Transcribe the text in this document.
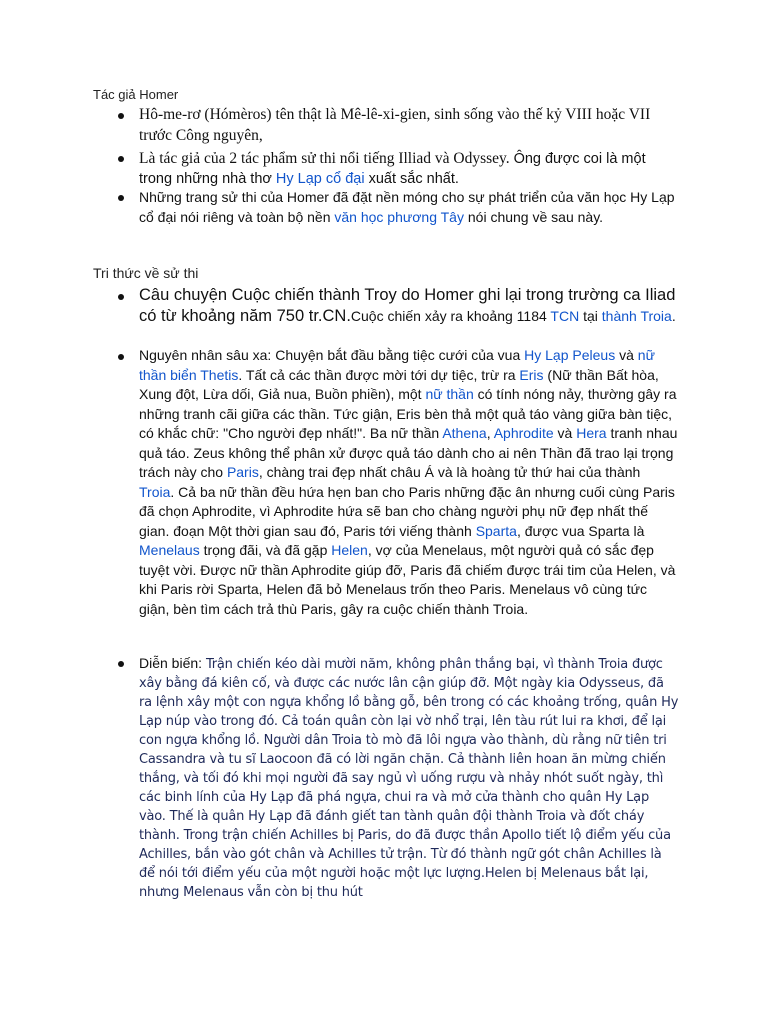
Tác giả Homer
Hô-me-rơ (Hómèros) tên thật là Mê-lê-xi-gien, sinh sống vào thế kỷ VIII hoặc VII trước Công nguyên,
Là tác giả của 2 tác phẩm sử thi nổi tiếng Illiad và Odyssey. Ông được coi là một trong những nhà thơ Hy Lạp cổ đại xuất sắc nhất.
Những trang sử thi của Homer đã đặt nền móng cho sự phát triển của văn học Hy Lạp cổ đại nói riêng và toàn bộ nền văn học phương Tây nói chung về sau này.
Tri thức về sử thi
Câu chuyện Cuộc chiến thành Troy do Homer ghi lại trong trường ca Iliad có từ khoảng năm 750 tr.CN.Cuộc chiến xảy ra khoảng 1184 TCN tại thành Troia.
Nguyên nhân sâu xa: Chuyện bắt đầu bằng tiệc cưới của vua Hy Lạp Peleus và nữ thần biển Thetis. Tất cả các thần được mời tới dự tiệc, trừ ra Eris (Nữ thần Bất hòa, Xung đột, Lừa dối, Giả nua, Buồn phiền), một nữ thần có tính nóng nảy, thường gây ra những tranh cãi giữa các thần. Tức giận, Eris bèn thả một quả táo vàng giữa bàn tiệc, có khắc chữ: "Cho người đẹp nhất!". Ba nữ thần Athena, Aphrodite và Hera tranh nhau quả táo. Zeus không thể phân xử được quả táo dành cho ai nên Thần đã trao lại trọng trách này cho Paris, chàng trai đẹp nhất châu Á và là hoàng tử thứ hai của thành Troia. Cả ba nữ thần đều hứa hẹn ban cho Paris những đặc ân nhưng cuối cùng Paris đã chọn Aphrodite, vì Aphrodite hứa sẽ ban cho chàng người phụ nữ đẹp nhất thế gian. đoạn Một thời gian sau đó, Paris tới viếng thành Sparta, được vua Sparta là Menelaus trọng đãi, và đã gặp Helen, vợ của Menelaus, một người quả có sắc đẹp tuyệt vời. Được nữ thần Aphrodite giúp đỡ, Paris đã chiếm được trái tim của Helen, và khi Paris rời Sparta, Helen đã bỏ Menelaus trốn theo Paris. Menelaus vô cùng tức giận, bèn tìm cách trả thù Paris, gây ra cuộc chiến thành Troia.
Diễn biến: Trận chiến kéo dài mười năm, không phân thắng bại, vì thành Troia được xây bằng đá kiên cố, và được các nước lân cận giúp đỡ. Một ngày kia Odysseus, đã ra lệnh xây một con ngựa khổng lồ bằng gỗ, bên trong có các khoảng trống, quân Hy Lạp núp vào trong đó. Cả toán quân còn lại vờ nhổ trại, lên tàu rút lui ra khơi, để lại con ngựa khổng lồ. Người dân Troia tò mò đã lôi ngựa vào thành, dù rằng nữ tiên tri Cassandra và tu sĩ Laocoon đã có lời ngăn chặn. Cả thành liên hoan ăn mừng chiến thắng, và tối đó khi mọi người đã say ngủ vì uống rượu và nhảy nhót suốt ngày, thì các binh lính của Hy Lạp đã phá ngựa, chui ra và mở cửa thành cho quân Hy Lạp vào. Thế là quân Hy Lạp đã đánh giết tan tành quân đội thành Troia và đốt cháy thành. Trong trận chiến Achilles bị Paris, do đã được thần Apollo tiết lộ điểm yếu của Achilles, bắn vào gót chân và Achilles tử trận. Từ đó thành ngữ gót chân Achilles là để nói tới điểm yếu của một người hoặc một lực lượng.Helen bị Melenaus bắt lại, nhưng Melenaus vẫn còn bị thu hút
